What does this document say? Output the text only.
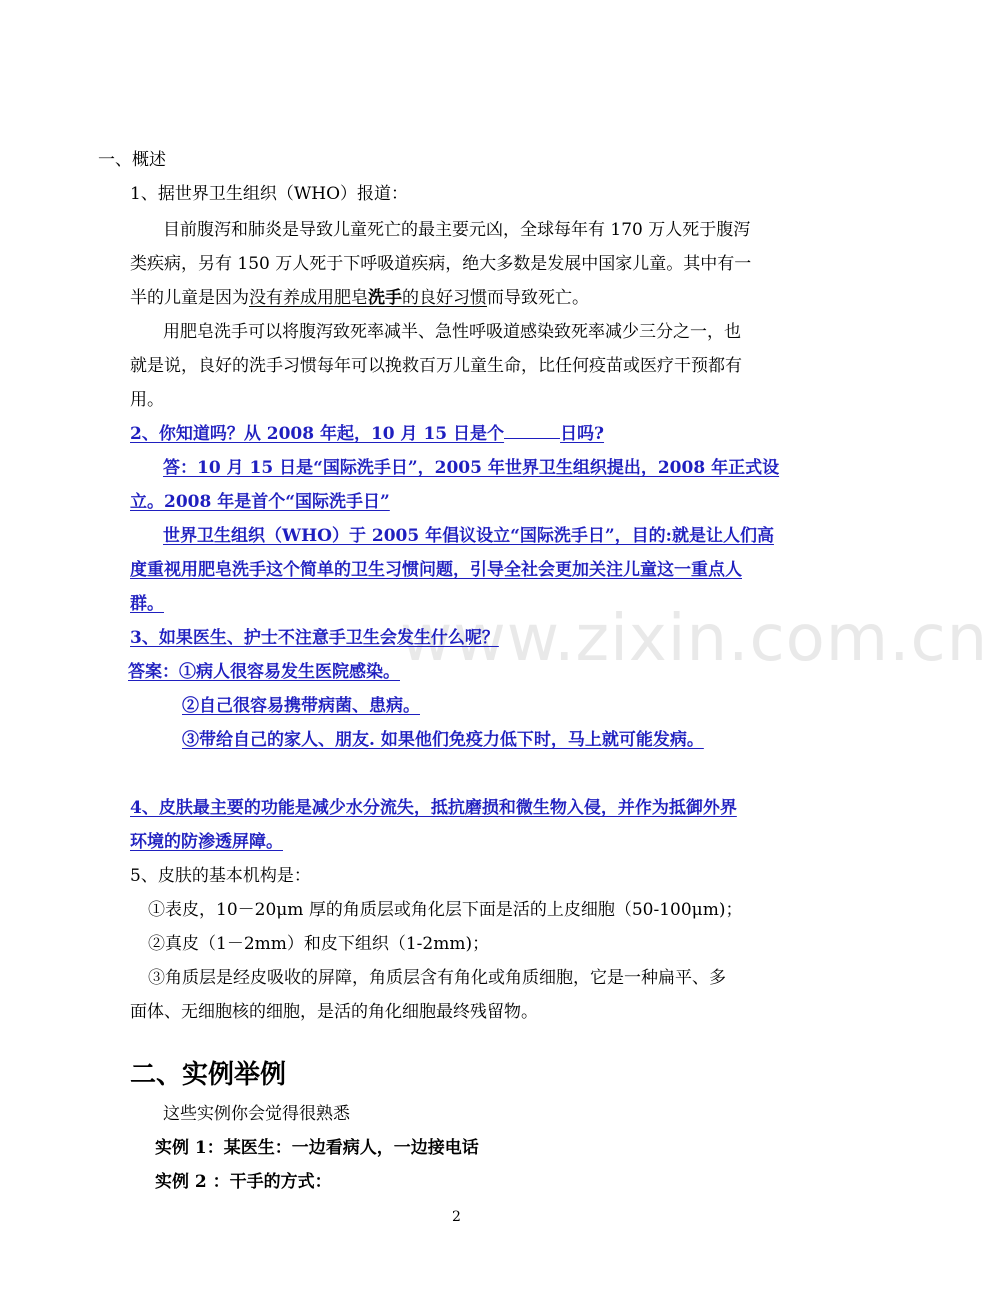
www.zixin.com.cn
一、概述
1、据世界卫生组织（WHO）报道：
目前腹泻和肺炎是导致儿童死亡的最主要元凶，全球每年有 170 万人死于腹泻
类疾病，另有 150 万人死于下呼吸道疾病，绝大多数是发展中国家儿童。其中有一
半的儿童是因为没有养成用肥皂洗手的良好习惯而导致死亡。
用肥皂洗手可以将腹泻致死率减半、急性呼吸道感染致死率减少三分之一，也
就是说，良好的洗手习惯每年可以挽救百万儿童生命，比任何疫苗或医疗干预都有
用。
2、你知道吗？从 2008 年起，10 月 15 日是个	日吗?
答：10 月 15 日是“国际洗手日”，2005 年世界卫生组织提出，2008 年正式设
立。2008 年是首个“国际洗手日”
世界卫生组织（WHO）于 2005 年倡议设立“国际洗手日”，目的:就是让人们高
度重视用肥皂洗手这个简单的卫生习惯问题，引导全社会更加关注儿童这一重点人
群。
3、如果医生、护士不注意手卫生会发生什么呢？
答案：①病人很容易发生医院感染。
②自己很容易携带病菌、患病。
③带给自己的家人、朋友. 如果他们免疫力低下时，马上就可能发病。
4、皮肤最主要的功能是减少水分流失，抵抗磨损和微生物入侵，并作为抵御外界
环境的防渗透屏障。
5、皮肤的基本机构是：
①表皮，10－20μm 厚的角质层或角化层下面是活的上皮细胞（50-100μm)；
②真皮（1－2mm）和皮下组织（1-2mm)；
③角质层是经皮吸收的屏障，角质层含有角化或角质细胞，它是一种扁平、多
面体、无细胞核的细胞，是活的角化细胞最终残留物。
二、实例举例
这些实例你会觉得很熟悉
实例 1：某医生：一边看病人，一边接电话
实例 2 ：干手的方式：
2
